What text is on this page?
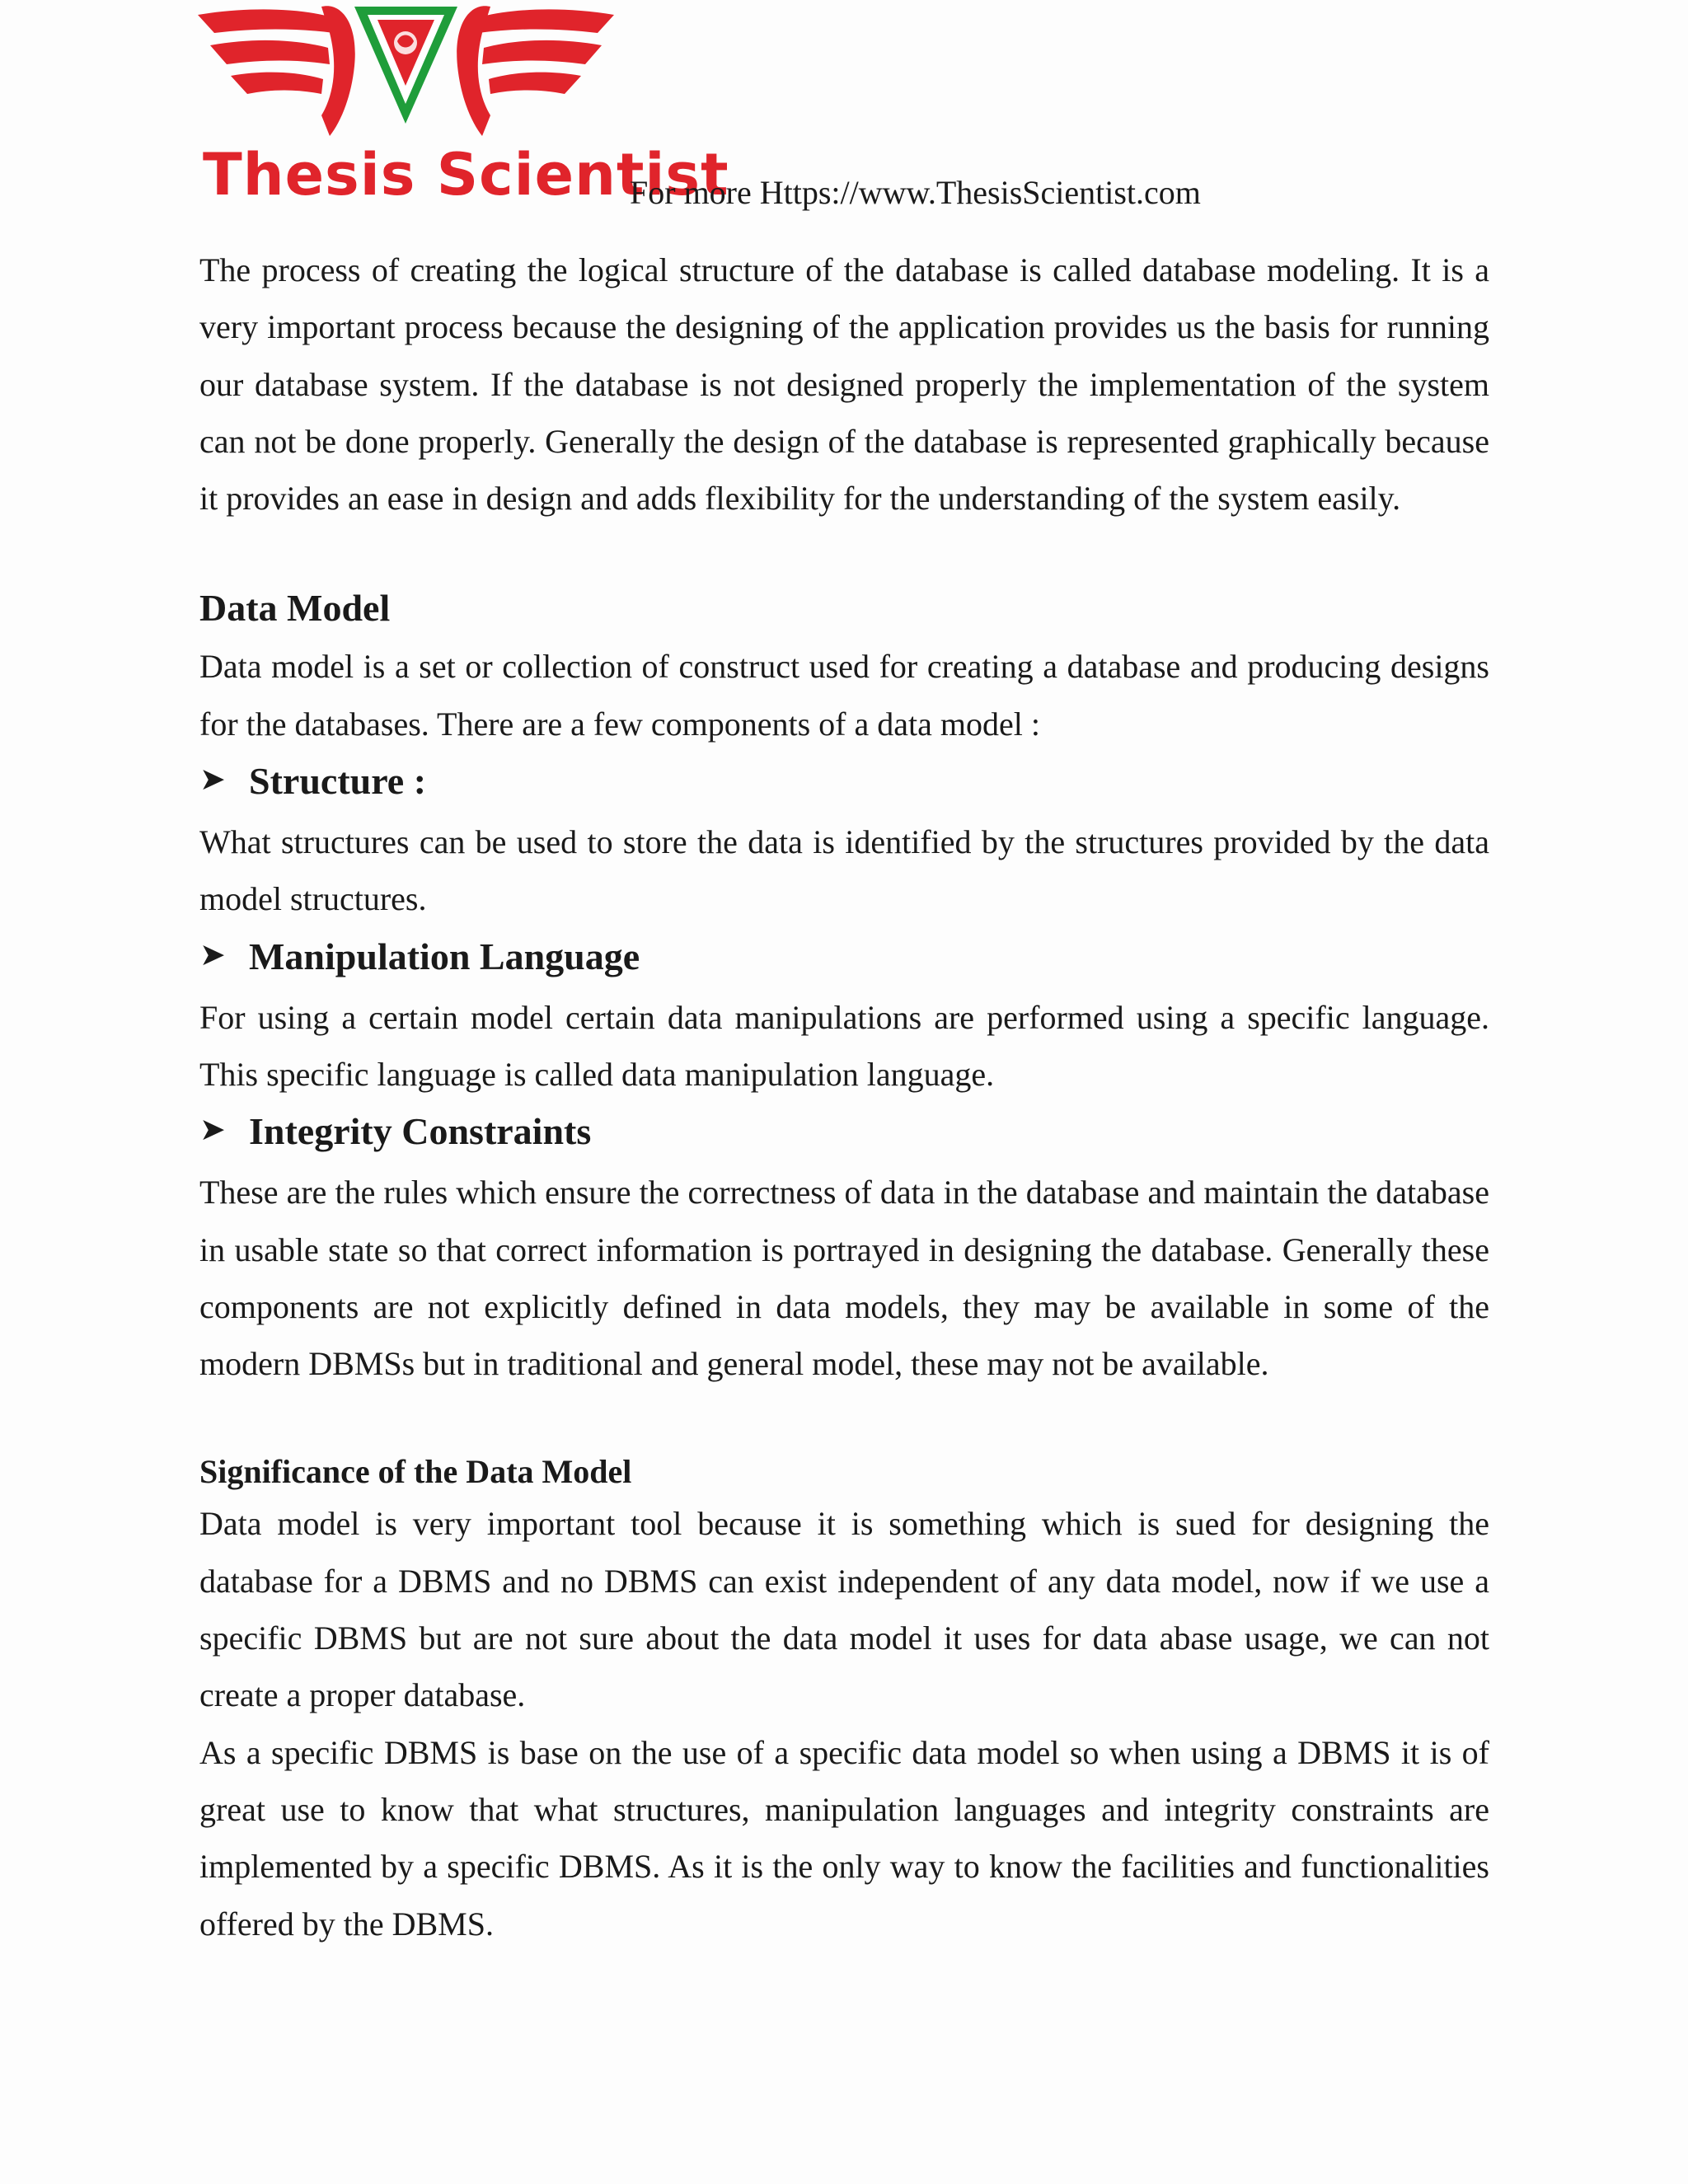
Thesis Scientist
For more Https://www.ThesisScientist.com

The process of creating the logical structure of the database is called database modeling. It is a very important process because the designing of the application provides us the basis for running our database system. If the database is not designed properly the implementation of the system can not be done properly. Generally the design of the database is represented graphically because it provides an ease in design and adds flexibility for the understanding of the system easily.

Data Model

Data model is a set or collection of construct used for creating a database and producing designs for the databases. There are a few components of a data model :

➤ Structure :

What structures can be used to store the data is identified by the structures provided by the data model structures.

➤ Manipulation Language

For using a certain model certain data manipulations are performed using a specific language. This specific language is called data manipulation language.

➤ Integrity Constraints

These are the rules which ensure the correctness of data in the database and maintain the database in usable state so that correct information is portrayed in designing the database. Generally these components are not explicitly defined in data models, they may be available in some of the modern DBMSs but in traditional and general model, these may not be available.

Significance of the Data Model

Data model is very important tool because it is something which is sued for designing the database for a DBMS and no DBMS can exist independent of any data model, now if we use a specific DBMS but are not sure about the data model it uses for data abase usage, we can not create a proper database.

As a specific DBMS is base on the use of a specific data model so when using a DBMS it is of great use to know that what structures, manipulation languages and integrity constraints are implemented by a specific DBMS. As it is the only way to know the facilities and functionalities offered by the DBMS.
